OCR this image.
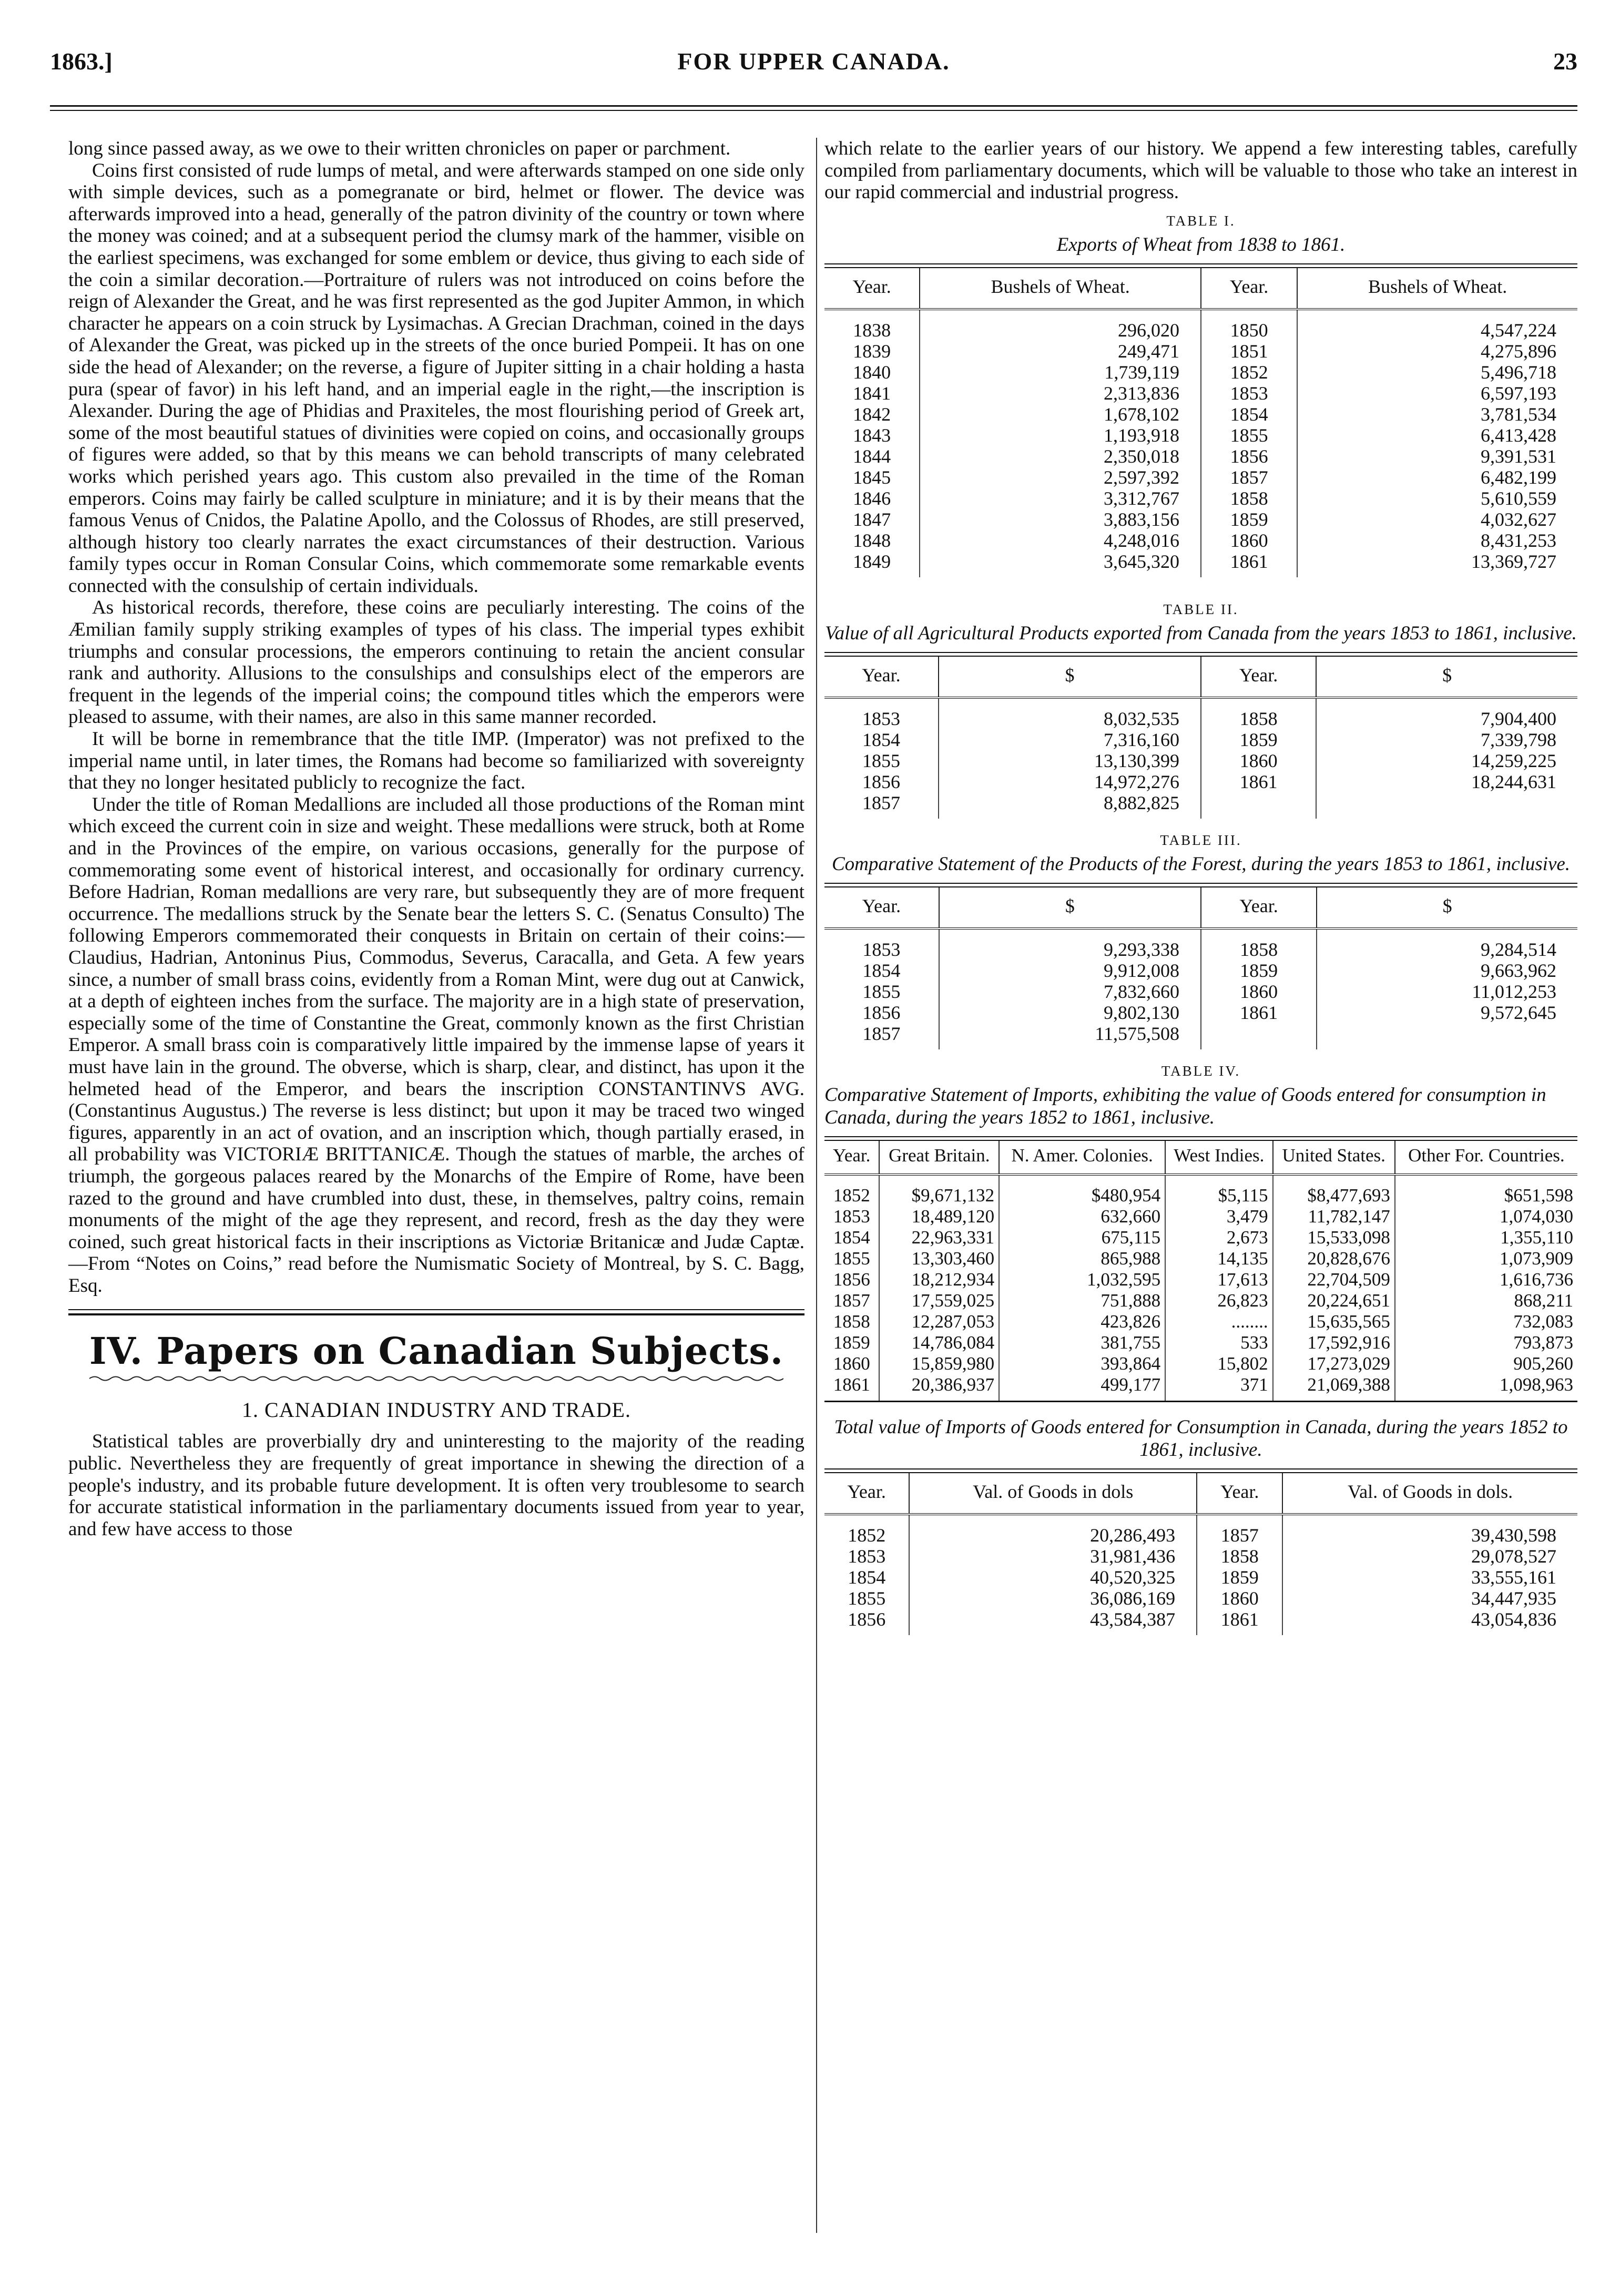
1863.]	FOR UPPER CANADA.	23

long since passed away, as we owe to their written chronicles on paper or parchment.

Coins first consisted of rude lumps of metal, and were afterwards stamped on one side only with simple devices, such as a pomegranate or bird, helmet or flower. The device was afterwards improved into a head, generally of the patron divinity of the country or town where the money was coined; and at a subsequent period the clumsy mark of the hammer, visible on the earliest specimens, was exchanged for some emblem or device, thus giving to each side of the coin a similar decoration.—Portraiture of rulers was not introduced on coins before the reign of Alexander the Great, and he was first represented as the god Jupiter Ammon, in which character he appears on a coin struck by Lysimachas. A Grecian Drachman, coined in the days of Alexander the Great, was picked up in the streets of the once buried Pompeii. It has on one side the head of Alexander; on the reverse, a figure of Jupiter sitting in a chair holding a hasta pura (spear of favor) in his left hand, and an imperial eagle in the right,—the inscription is Alexander. During the age of Phidias and Praxiteles, the most flourishing period of Greek art, some of the most beautiful statues of divinities were copied on coins, and occasionally groups of figures were added, so that by this means we can behold transcripts of many celebrated works which perished years ago. This custom also prevailed in the time of the Roman emperors. Coins may fairly be called sculpture in miniature; and it is by their means that the famous Venus of Cnidos, the Palatine Apollo, and the Colossus of Rhodes, are still preserved, although history too clearly narrates the exact circumstances of their destruction. Various family types occur in Roman Consular Coins, which commemorate some remarkable events connected with the consulship of certain individuals.

As historical records, therefore, these coins are peculiarly interesting. The coins of the Æmilian family supply striking examples of types of his class. The imperial types exhibit triumphs and consular processions, the emperors continuing to retain the ancient consular rank and authority. Allusions to the consulships and consulships elect of the emperors are frequent in the legends of the imperial coins; the compound titles which the emperors were pleased to assume, with their names, are also in this same manner recorded.

It will be borne in remembrance that the title IMP. (Imperator) was not prefixed to the imperial name until, in later times, the Romans had become so familiarized with sovereignty that they no longer hesitated publicly to recognize the fact.

Under the title of Roman Medallions are included all those productions of the Roman mint which exceed the current coin in size and weight. These medallions were struck, both at Rome and in the Provinces of the empire, on various occasions, generally for the purpose of commemorating some event of historical interest, and occasionally for ordinary currency. Before Hadrian, Roman medallions are very rare, but subsequently they are of more frequent occurrence. The medallions struck by the Senate bear the letters S. C. (Senatus Consulto) The following Emperors commemorated their conquests in Britain on certain of their coins:—Claudius, Hadrian, Antoninus Pius, Commodus, Severus, Caracalla, and Geta. A few years since, a number of small brass coins, evidently from a Roman Mint, were dug out at Canwick, at a depth of eighteen inches from the surface. The majority are in a high state of preservation, especially some of the time of Constantine the Great, commonly known as the first Christian Emperor. A small brass coin is comparatively little impaired by the immense lapse of years it must have lain in the ground. The obverse, which is sharp, clear, and distinct, has upon it the helmeted head of the Emperor, and bears the inscription CONSTANTINVS AVG. (Constantinus Augustus.) The reverse is less distinct; but upon it may be traced two winged figures, apparently in an act of ovation, and an inscription which, though partially erased, in all probability was VICTORIÆ BRITTANICÆ. Though the statues of marble, the arches of triumph, the gorgeous palaces reared by the Monarchs of the Empire of Rome, have been razed to the ground and have crumbled into dust, these, in themselves, paltry coins, remain monuments of the might of the age they represent, and record, fresh as the day they were coined, such great historical facts in their inscriptions as Victoriæ Britanicæ and Judæ Captæ.—From “Notes on Coins,” read before the Numismatic Society of Montreal, by S. C. Bagg, Esq.

IV. Papers on Canadian Subjects.
1. CANADIAN INDUSTRY AND TRADE.

Statistical tables are proverbially dry and uninteresting to the majority of the reading public. Nevertheless they are frequently of great importance in shewing the direction of a people's industry, and its probable future development. It is often very troublesome to search for accurate statistical information in the parliamentary documents issued from year to year, and few have access to those

which relate to the earlier years of our history. We append a few interesting tables, carefully compiled from parliamentary documents, which will be valuable to those who take an interest in our rapid commercial and industrial progress.

TABLE I.
Exports of Wheat from 1838 to 1861.
Year.	Bushels of Wheat.	Year.	Bushels of Wheat.
1838	296,020	1850	4,547,224
1839	249,471	1851	4,275,896
1840	1,739,119	1852	5,496,718
1841	2,313,836	1853	6,597,193
1842	1,678,102	1854	3,781,534
1843	1,193,918	1855	6,413,428
1844	2,350,018	1856	9,391,531
1845	2,597,392	1857	6,482,199
1846	3,312,767	1858	5,610,559
1847	3,883,156	1859	4,032,627
1848	4,248,016	1860	8,431,253
1849	3,645,320	1861	13,369,727
TABLE II.
Value of all Agricultural Products exported from Canada from the years 1853 to 1861, inclusive.
Year.	$	Year.	$
1853	8,032,535	1858	7,904,400
1854	7,316,160	1859	7,339,798
1855	13,130,399	1860	14,259,225
1856	14,972,276	1861	18,244,631
1857	8,882,825		
TABLE III.
Comparative Statement of the Products of the Forest, during the years 1853 to 1861, inclusive.
Year.	$	Year.	$
1853	9,293,338	1858	9,284,514
1854	9,912,008	1859	9,663,962
1855	7,832,660	1860	11,012,253
1856	9,802,130	1861	9,572,645
1857	11,575,508		
TABLE IV.
Comparative Statement of Imports, exhibiting the value of Goods entered for consumption in Canada, during the years 1852 to 1861, inclusive.
Year.	Great Britain.	N. Amer. Colonies.	West Indies.	United States.	Other For. Countries.
1852	$9,671,132	$480,954	$5,115	$8,477,693	$651,598
1853	18,489,120	632,660	3,479	11,782,147	1,074,030
1854	22,963,331	675,115	2,673	15,533,098	1,355,110
1855	13,303,460	865,988	14,135	20,828,676	1,073,909
1856	18,212,934	1,032,595	17,613	22,704,509	1,616,736
1857	17,559,025	751,888	26,823	20,224,651	868,211
1858	12,287,053	423,826	........	15,635,565	732,083
1859	14,786,084	381,755	533	17,592,916	793,873
1860	15,859,980	393,864	15,802	17,273,029	905,260
1861	20,386,937	499,177	371	21,069,388	1,098,963
Total value of Imports of Goods entered for Consumption in Canada, during the years 1852 to 1861, inclusive.
Year.	Val. of Goods in dols	Year.	Val. of Goods in dols.
1852	20,286,493	1857	39,430,598
1853	31,981,436	1858	29,078,527
1854	40,520,325	1859	33,555,161
1855	36,086,169	1860	34,447,935
1856	43,584,387	1861	43,054,836
